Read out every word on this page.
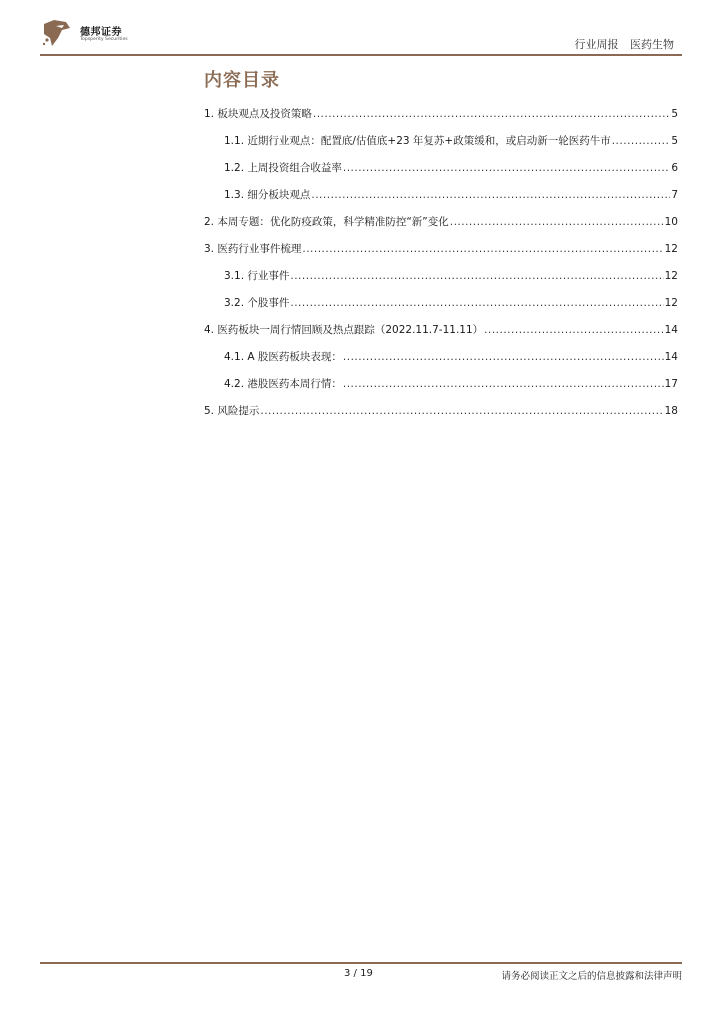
德邦证券
Topsperity Securities	行业周报 医药生物
内容目录
1. 板块观点及投资策略 .....	5
1.1. 近期行业观点：配置底/估值底+23 年复苏+政策缓和，或启动新一轮医药牛市 .....	5
1.2. 上周投资组合收益率 .....	6
1.3. 细分板块观点 .....	7
2. 本周专题：优化防疫政策，科学精准防控“新”变化 .....	10
3. 医药行业事件梳理 .....	12
3.1. 行业事件 .....	12
3.2. 个股事件 .....	12
4. 医药板块一周行情回顾及热点跟踪（2022.11.7-11.11） .....	14
4.1. A 股医药板块表现： .....	14
4.2. 港股医药本周行情： .....	17
5. 风险提示 .....	18
3 / 19	请务必阅读正文之后的信息披露和法律声明
